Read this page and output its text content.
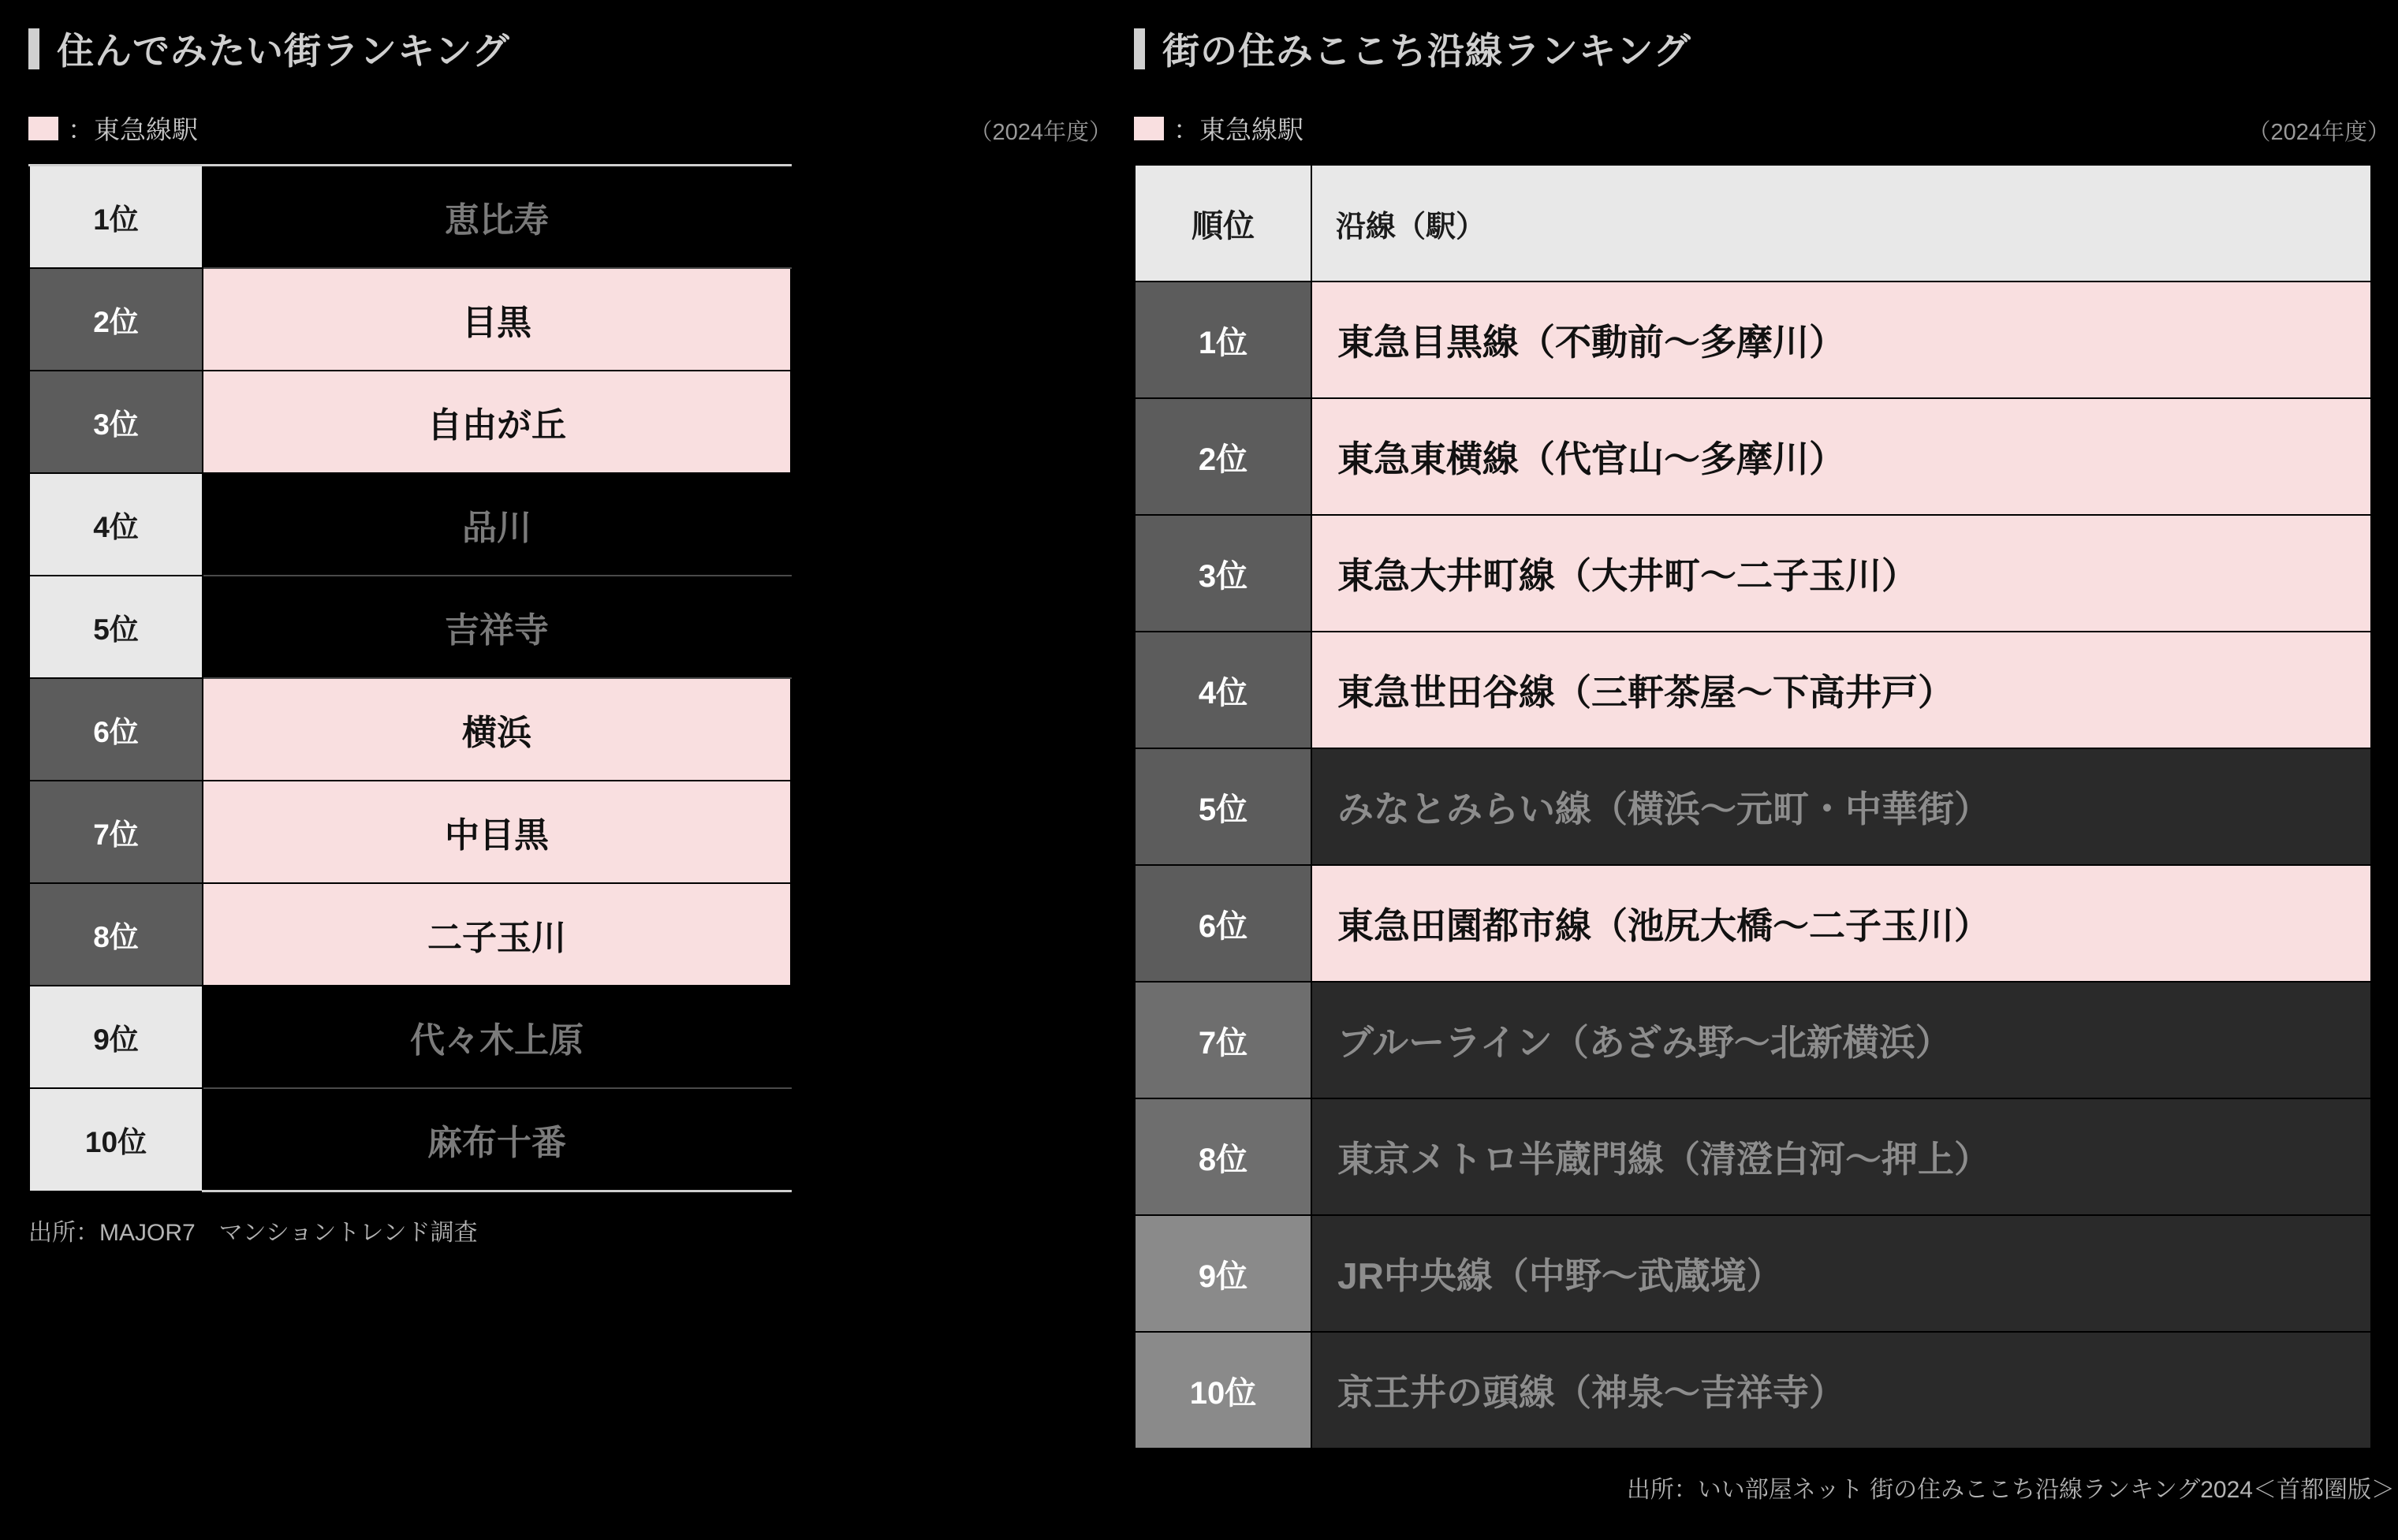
住んでみたい街ランキング
：東急線駅	（2024年度）
1位	恵比寿
2位	目黒
3位	自由が丘
4位	品川
5位	吉祥寺
6位	横浜
7位	中目黒
8位	二子玉川
9位	代々木上原
10位	麻布十番
出所：MAJOR7　マンショントレンド調査
街の住みここち沿線ランキング
：東急線駅	（2024年度）
順位	沿線（駅）
1位	東急目黒線（不動前〜多摩川）
2位	東急東横線（代官山〜多摩川）
3位	東急大井町線（大井町〜二子玉川）
4位	東急世田谷線（三軒茶屋〜下高井戸）
5位	みなとみらい線（横浜〜元町・中華街）
6位	東急田園都市線（池尻大橋〜二子玉川）
7位	ブルーライン（あざみ野〜北新横浜）
8位	東京メトロ半蔵門線（清澄白河〜押上）
9位	JR中央線（中野〜武蔵境）
10位	京王井の頭線（神泉〜吉祥寺）
出所：いい部屋ネット 街の住みここち沿線ランキング2024＜首都圏版＞
